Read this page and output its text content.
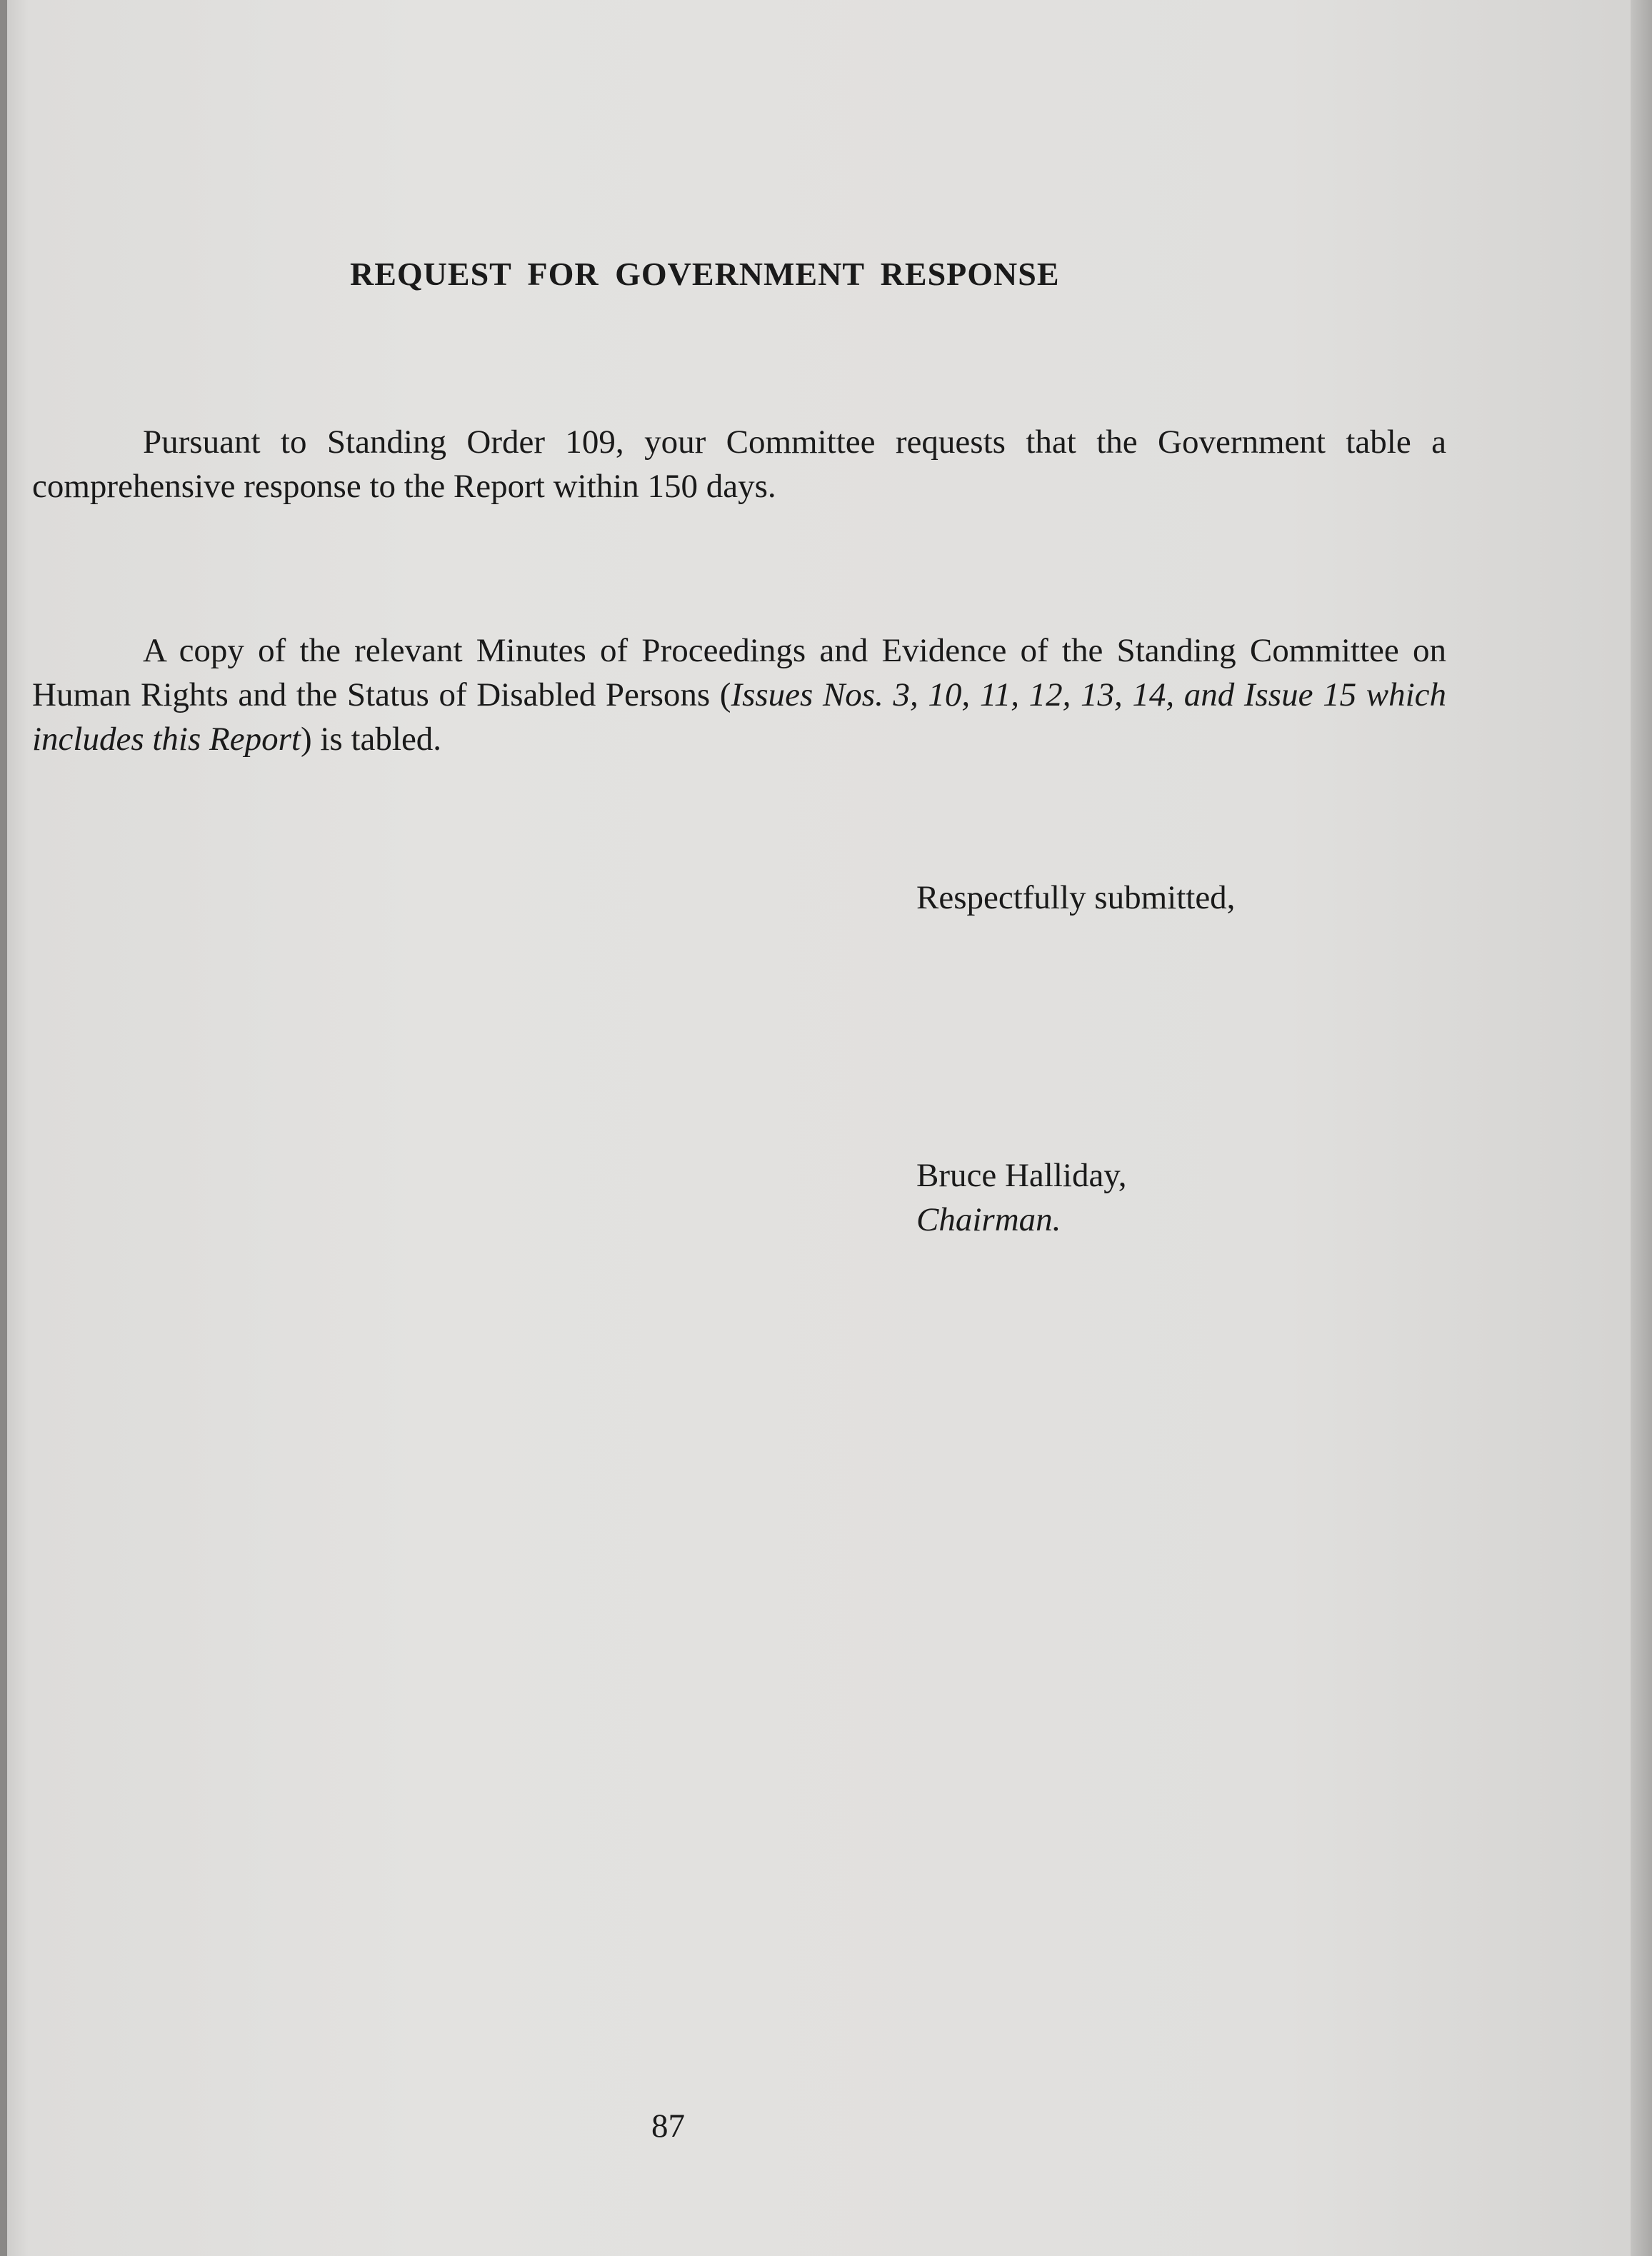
REQUEST FOR GOVERNMENT RESPONSE
Pursuant to Standing Order 109, your Committee requests that the Government table a comprehensive response to the Report within 150 days.
A copy of the relevant Minutes of Proceedings and Evidence of the Standing Committee on Human Rights and the Status of Disabled Persons (Issues Nos. 3, 10, 11, 12, 13, 14, and Issue 15 which includes this Report) is tabled.
Respectfully submitted,
Bruce Halliday,
Chairman.
87
